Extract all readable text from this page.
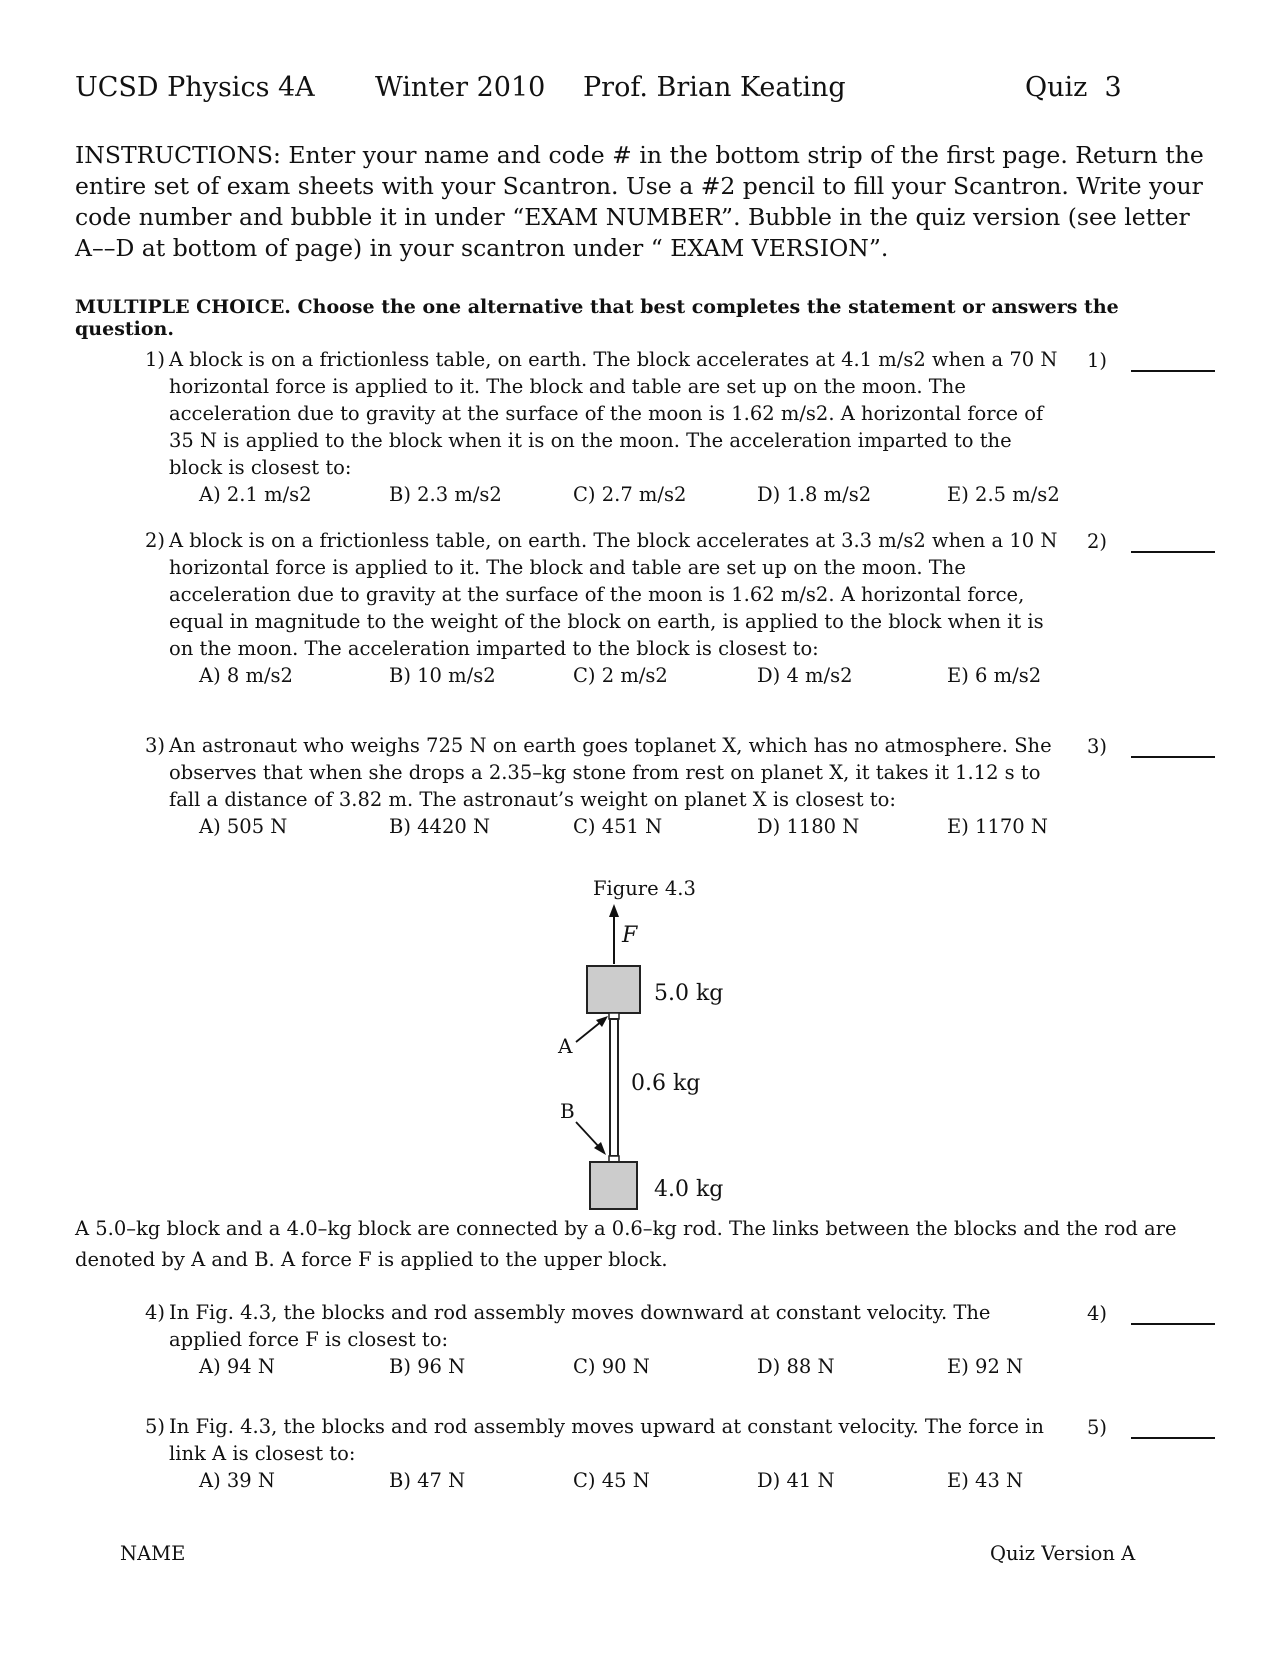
UCSD Physics 4A Winter 2010 Prof. Brian Keating	Quiz  3
INSTRUCTIONS: Enter your name and code # in the bottom strip of the first page. Return the entire set of exam sheets with your Scantron. Use a #2 pencil to fill your Scantron. Write your code number and bubble it in under “EXAM NUMBER”. Bubble in the quiz version (see letter A––D at bottom of page) in your scantron under “ EXAM VERSION”.
MULTIPLE CHOICE. Choose the one alternative that best completes the statement or answers the question.
1) A block is on a frictionless table, on earth. The block accelerates at 4.1 m/s2 when a 70 N horizontal force is applied to it. The block and table are set up on the moon. The acceleration due to gravity at the surface of the moon is 1.62 m/s2. A horizontal force of 35 N is applied to the block when it is on the moon. The acceleration imparted to the block is closest to:
A) 2.1 m/s2	B) 2.3 m/s2	C) 2.7 m/s2	D) 1.8 m/s2	E) 2.5 m/s2
1)
2) A block is on a frictionless table, on earth. The block accelerates at 3.3 m/s2 when a 10 N horizontal force is applied to it. The block and table are set up on the moon. The acceleration due to gravity at the surface of the moon is 1.62 m/s2. A horizontal force, equal in magnitude to the weight of the block on earth, is applied to the block when it is on the moon. The acceleration imparted to the block is closest to:
A) 8 m/s2	B) 10 m/s2	C) 2 m/s2	D) 4 m/s2	E) 6 m/s2
2)
3) An astronaut who weighs 725 N on earth goes toplanet X, which has no atmosphere. She observes that when she drops a 2.35–kg stone from rest on planet X, it takes it 1.12 s to fall a distance of 3.82 m. The astronaut’s weight on planet X is closest to:
A) 505 N	B) 4420 N	C) 451 N	D) 1180 N	E) 1170 N
3)
Figure 4.3
F
5.0 kg
0.6 kg
A
B
4.0 kg
A 5.0–kg block and a 4.0–kg block are connected by a 0.6–kg rod. The links between the blocks and the rod are denoted by A and B. A force F is applied to the upper block.
4) In Fig. 4.3, the blocks and rod assembly moves downward at constant velocity. The applied force F is closest to:
A) 94 N	B) 96 N	C) 90 N	D) 88 N	E) 92 N
4)
5) In Fig. 4.3, the blocks and rod assembly moves upward at constant velocity. The force in link A is closest to:
A) 39 N	B) 47 N	C) 45 N	D) 41 N	E) 43 N
5)
NAME	Quiz Version A
